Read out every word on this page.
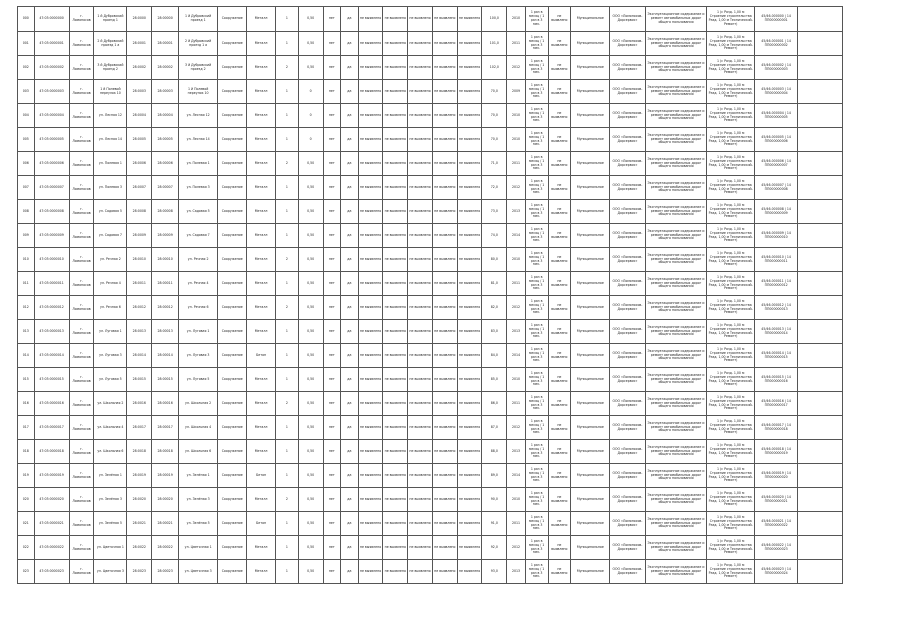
000	47:03:0000000	г. Ломоносов	1 й Дубровский проезд 1	28:0000	28:00000	1 й Дубровский проезд 1	Сооружение	Металл	1	0,50	нет	да	не выявлено	не выявлено	не выявлено	не выявлено	не выявлено	100,0	2010	1 раз в месяц / 1 раз в 3 мес.	не выявлено	Муниципальное	ООО «Ломоносов-Дорсервис»	Эксплуатационное содержание и ремонт автомобильных дорог общего пользования	1 (с Разд. 1,00 м Строение строительства Разд. 1,00 м Технический-Ремонт)	45/46-000000 | 14 ПП000000001	
001	47:03:0000001	г. Ломоносов	2 й Дубровский проезд 1 а	28:0001	28:00001	2 й Дубровский проезд 1 а	Сооружение	Металл	1	0,50	нет	да	не выявлено	не выявлено	не выявлено	не выявлено	не выявлено	101,0	2011	1 раз в месяц / 1 раз в 3 мес.	не выявлено	Муниципальное	ООО «Ломоносов-Дорсервис»	Эксплуатационное содержание и ремонт автомобильных дорог общего пользования	1 (с Разд. 1,00 м Строение строительства Разд. 1,00 м Технический-Ремонт)	45/46-000001 | 14 ПП000000002	
002	47:03:0000002	г. Ломоносов	3 й Дубровский проезд 2	28:0002	28:00002	3 й Дубровский проезд 2	Сооружение	Металл	2	0,50	нет	да	не выявлено	не выявлено	не выявлено	не выявлено	не выявлено	102,0	2012	1 раз в месяц / 1 раз в 3 мес.	не выявлено	Муниципальное	ООО «Ломоносов-Дорсервис»	Эксплуатационное содержание и ремонт автомобильных дорог общего пользования	1 (с Разд. 1,00 м Строение строительства Разд. 1,00 м Технический-Ремонт)	45/46-000002 | 14 ПП000000003	
003	47:03:0000003	г. Ломоносов	1 й Полевой переулок 10	28:0003	28:00003	1 й Полевой переулок 10	Сооружение	Металл	1	0	нет	да	не выявлено	не выявлено	не выявлено	не выявлено	не выявлено	70,0	2009	1 раз в месяц / 1 раз в 3 мес.	не выявлено	Муниципальное	ООО «Ломоносов-Дорсервис»	Эксплуатационное содержание и ремонт автомобильных дорог общего пользования	1 (с Разд. 1,00 м Строение строительства Разд. 1,00 м Технический-Ремонт)	45/46-000003 | 14 ПП000000004	
004	47:03:0000004	г. Ломоносов	ул. Лесная 12	28:0004	28:00004	ул. Лесная 12	Сооружение	Металл	1	0	нет	да	не выявлено	не выявлено	не выявлено	не выявлено	не выявлено	70,0	2010	1 раз в месяц / 1 раз в 3 мес.	не выявлено	Муниципальное	ООО «Ломоносов-Дорсервис»	Эксплуатационное содержание и ремонт автомобильных дорог общего пользования	1 (с Разд. 1,00 м Строение строительства Разд. 1,00 м Технический-Ремонт)	45/46-000004 | 14 ПП000000005	
005	47:03:0000005	г. Ломоносов	ул. Лесная 14	28:0005	28:00005	ул. Лесная 14	Сооружение	Металл	1	0	нет	да	не выявлено	не выявлено	не выявлено	не выявлено	не выявлено	70,0	2010	1 раз в месяц / 1 раз в 3 мес.	не выявлено	Муниципальное	ООО «Ломоносов-Дорсервис»	Эксплуатационное содержание и ремонт автомобильных дорог общего пользования	1 (с Разд. 1,00 м Строение строительства Разд. 1,00 м Технический-Ремонт)	45/46-000005 | 14 ПП000000006	
006	47:03:0000006	г. Ломоносов	ул. Полевая 1	28:0006	28:00006	ул. Полевая 1	Сооружение	Металл	2	0,50	нет	да	не выявлено	не выявлено	не выявлено	не выявлено	не выявлено	71,0	2011	1 раз в месяц / 1 раз в 3 мес.	не выявлено	Муниципальное	ООО «Ломоносов-Дорсервис»	Эксплуатационное содержание и ремонт автомобильных дорог общего пользования	1 (с Разд. 1,00 м Строение строительства Разд. 1,00 м Технический-Ремонт)	45/46-000006 | 14 ПП000000007	
007	47:03:0000007	г. Ломоносов	ул. Полевая 3	28:0007	28:00007	ул. Полевая 3	Сооружение	Металл	1	0,50	нет	да	не выявлено	не выявлено	не выявлено	не выявлено	не выявлено	72,0	2012	1 раз в месяц / 1 раз в 3 мес.	не выявлено	Муниципальное	ООО «Ломоносов-Дорсервис»	Эксплуатационное содержание и ремонт автомобильных дорог общего пользования	1 (с Разд. 1,00 м Строение строительства Разд. 1,00 м Технический-Ремонт)	45/46-000007 | 14 ПП000000008	
008	47:03:0000008	г. Ломоносов	ул. Садовая 5	28:0008	28:00008	ул. Садовая 5	Сооружение	Металл	1	0,50	нет	да	не выявлено	не выявлено	не выявлено	не выявлено	не выявлено	73,0	2013	1 раз в месяц / 1 раз в 3 мес.	не выявлено	Муниципальное	ООО «Ломоносов-Дорсервис»	Эксплуатационное содержание и ремонт автомобильных дорог общего пользования	1 (с Разд. 1,00 м Строение строительства Разд. 1,00 м Технический-Ремонт)	45/46-000008 | 14 ПП000000009	
009	47:03:0000009	г. Ломоносов	ул. Садовая 7	28:0009	28:00009	ул. Садовая 7	Сооружение	Металл	1	0,50	нет	да	не выявлено	не выявлено	не выявлено	не выявлено	не выявлено	74,0	2014	1 раз в месяц / 1 раз в 3 мес.	не выявлено	Муниципальное	ООО «Ломоносов-Дорсервис»	Эксплуатационное содержание и ремонт автомобильных дорог общего пользования	1 (с Разд. 1,00 м Строение строительства Разд. 1,00 м Технический-Ремонт)	45/46-000009 | 14 ПП000000010	
010	47:03:0000010	г. Ломоносов	ул. Речная 2	28:0010	28:00010	ул. Речная 2	Сооружение	Металл	2	0,50	нет	да	не выявлено	не выявлено	не выявлено	не выявлено	не выявлено	80,0	2010	1 раз в месяц / 1 раз в 3 мес.	не выявлено	Муниципальное	ООО «Ломоносов-Дорсервис»	Эксплуатационное содержание и ремонт автомобильных дорог общего пользования	1 (с Разд. 1,00 м Строение строительства Разд. 1,00 м Технический-Ремонт)	45/46-000010 | 14 ПП000000011	
011	47:03:0000011	г. Ломоносов	ул. Речная 4	28:0011	28:00011	ул. Речная 4	Сооружение	Металл	1	0,50	нет	да	не выявлено	не выявлено	не выявлено	не выявлено	не выявлено	81,0	2011	1 раз в месяц / 1 раз в 3 мес.	не выявлено	Муниципальное	ООО «Ломоносов-Дорсервис»	Эксплуатационное содержание и ремонт автомобильных дорог общего пользования	1 (с Разд. 1,00 м Строение строительства Разд. 1,00 м Технический-Ремонт)	45/46-000011 | 14 ПП000000012	
012	47:03:0000012	г. Ломоносов	ул. Речная 6	28:0012	28:00012	ул. Речная 6	Сооружение	Металл	2	0,50	нет	да	не выявлено	не выявлено	не выявлено	не выявлено	не выявлено	82,0	2012	1 раз в месяц / 1 раз в 3 мес.	не выявлено	Муниципальное	ООО «Ломоносов-Дорсервис»	Эксплуатационное содержание и ремонт автомобильных дорог общего пользования	1 (с Разд. 1,00 м Строение строительства Разд. 1,00 м Технический-Ремонт)	45/46-000012 | 14 ПП000000013	
013	47:03:0000013	г. Ломоносов	ул. Луговая 1	28:0013	28:00013	ул. Луговая 1	Сооружение	Металл	1	0,50	нет	да	не выявлено	не выявлено	не выявлено	не выявлено	не выявлено	83,0	2013	1 раз в месяц / 1 раз в 3 мес.	не выявлено	Муниципальное	ООО «Ломоносов-Дорсервис»	Эксплуатационное содержание и ремонт автомобильных дорог общего пользования	1 (с Разд. 1,00 м Строение строительства Разд. 1,00 м Технический-Ремонт)	45/46-000013 | 14 ПП000000014	
014	47:03:0000014	г. Ломоносов	ул. Луговая 3	28:0014	28:00014	ул. Луговая 3	Сооружение	Бетон	1	0,50	нет	да	не выявлено	не выявлено	не выявлено	не выявлено	не выявлено	84,0	2014	1 раз в месяц / 1 раз в 3 мес.	не выявлено	Муниципальное	ООО «Ломоносов-Дорсервис»	Эксплуатационное содержание и ремонт автомобильных дорог общего пользования	1 (с Разд. 1,00 м Строение строительства Разд. 1,00 м Технический-Ремонт)	45/46-000014 | 14 ПП000000015	
015	47:03:0000015	г. Ломоносов	ул. Луговая 5	28:0015	28:00015	ул. Луговая 5	Сооружение	Металл	1	0,50	нет	да	не выявлено	не выявлено	не выявлено	не выявлено	не выявлено	85,0	2010	1 раз в месяц / 1 раз в 3 мес.	не выявлено	Муниципальное	ООО «Ломоносов-Дорсервис»	Эксплуатационное содержание и ремонт автомобильных дорог общего пользования	1 (с Разд. 1,00 м Строение строительства Разд. 1,00 м Технический-Ремонт)	45/46-000015 | 14 ПП000000016	
016	47:03:0000016	г. Ломоносов	ул. Школьная 2	28:0016	28:00016	ул. Школьная 2	Сооружение	Металл	2	0,50	нет	да	не выявлено	не выявлено	не выявлено	не выявлено	не выявлено	86,0	2011	1 раз в месяц / 1 раз в 3 мес.	не выявлено	Муниципальное	ООО «Ломоносов-Дорсервис»	Эксплуатационное содержание и ремонт автомобильных дорог общего пользования	1 (с Разд. 1,00 м Строение строительства Разд. 1,00 м Технический-Ремонт)	45/46-000016 | 14 ПП000000017	
017	47:03:0000017	г. Ломоносов	ул. Школьная 4	28:0017	28:00017	ул. Школьная 4	Сооружение	Металл	1	0,50	нет	да	не выявлено	не выявлено	не выявлено	не выявлено	не выявлено	87,0	2012	1 раз в месяц / 1 раз в 3 мес.	не выявлено	Муниципальное	ООО «Ломоносов-Дорсервис»	Эксплуатационное содержание и ремонт автомобильных дорог общего пользования	1 (с Разд. 1,00 м Строение строительства Разд. 1,00 м Технический-Ремонт)	45/46-000017 | 14 ПП000000018	
018	47:03:0000018	г. Ломоносов	ул. Школьная 6	28:0018	28:00018	ул. Школьная 6	Сооружение	Металл	1	0,50	нет	да	не выявлено	не выявлено	не выявлено	не выявлено	не выявлено	88,0	2013	1 раз в месяц / 1 раз в 3 мес.	не выявлено	Муниципальное	ООО «Ломоносов-Дорсервис»	Эксплуатационное содержание и ремонт автомобильных дорог общего пользования	1 (с Разд. 1,00 м Строение строительства Разд. 1,00 м Технический-Ремонт)	45/46-000018 | 14 ПП000000019	
019	47:03:0000019	г. Ломоносов	ул. Зелёная 1	28:0019	28:00019	ул. Зелёная 1	Сооружение	Бетон	1	0,50	нет	да	не выявлено	не выявлено	не выявлено	не выявлено	не выявлено	89,0	2014	1 раз в месяц / 1 раз в 3 мес.	не выявлено	Муниципальное	ООО «Ломоносов-Дорсервис»	Эксплуатационное содержание и ремонт автомобильных дорог общего пользования	1 (с Разд. 1,00 м Строение строительства Разд. 1,00 м Технический-Ремонт)	45/46-000019 | 14 ПП000000020	
020	47:03:0000020	г. Ломоносов	ул. Зелёная 3	28:0020	28:00020	ул. Зелёная 3	Сооружение	Металл	2	0,50	нет	да	не выявлено	не выявлено	не выявлено	не выявлено	не выявлено	90,0	2010	1 раз в месяц / 1 раз в 3 мес.	не выявлено	Муниципальное	ООО «Ломоносов-Дорсервис»	Эксплуатационное содержание и ремонт автомобильных дорог общего пользования	1 (с Разд. 1,00 м Строение строительства Разд. 1,00 м Технический-Ремонт)	45/46-000020 | 14 ПП000000021	
021	47:03:0000021	г. Ломоносов	ул. Зелёная 5	28:0021	28:00021	ул. Зелёная 5	Сооружение	Бетон	1	0,50	нет	да	не выявлено	не выявлено	не выявлено	не выявлено	не выявлено	91,0	2011	1 раз в месяц / 1 раз в 3 мес.	не выявлено	Муниципальное	ООО «Ломоносов-Дорсервис»	Эксплуатационное содержание и ремонт автомобильных дорог общего пользования	1 (с Разд. 1,00 м Строение строительства Разд. 1,00 м Технический-Ремонт)	45/46-000021 | 14 ПП000000022	
022	47:03:0000022	г. Ломоносов	ул. Цветочная 1	28:0022	28:00022	ул. Цветочная 1	Сооружение	Металл	1	0,50	нет	да	не выявлено	не выявлено	не выявлено	не выявлено	не выявлено	92,0	2012	1 раз в месяц / 1 раз в 3 мес.	не выявлено	Муниципальное	ООО «Ломоносов-Дорсервис»	Эксплуатационное содержание и ремонт автомобильных дорог общего пользования	1 (с Разд. 1,00 м Строение строительства Разд. 1,00 м Технический-Ремонт)	45/46-000022 | 14 ПП000000023	
023	47:03:0000023	г. Ломоносов	ул. Цветочная 3	28:0023	28:00023	ул. Цветочная 3	Сооружение	Металл	1	0,50	нет	да	не выявлено	не выявлено	не выявлено	не выявлено	не выявлено	93,0	2013	1 раз в месяц / 1 раз в 3 мес.	не выявлено	Муниципальное	ООО «Ломоносов-Дорсервис»	Эксплуатационное содержание и ремонт автомобильных дорог общего пользования	1 (с Разд. 1,00 м Строение строительства Разд. 1,00 м Технический-Ремонт)	45/46-000023 | 14 ПП000000024	
